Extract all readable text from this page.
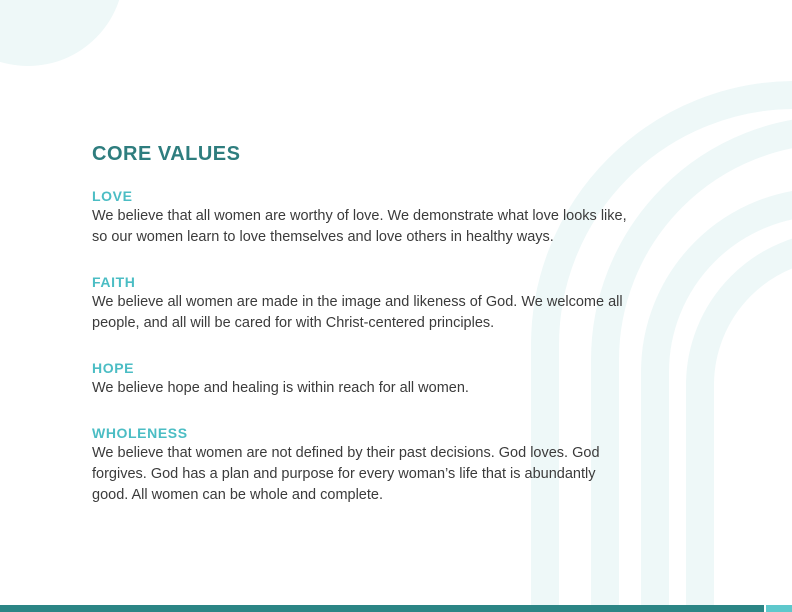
CORE VALUES
LOVE

We believe that all women are worthy of love. We demonstrate what love looks like,
so our women learn to love themselves and love others in healthy ways.

FAITH

We believe all women are made in the image and likeness of God. We welcome all
people, and all will be cared for with Christ-centered principles.

HOPE

We believe hope and healing is within reach for all women.

WHOLENESS

We believe that women are not defined by their past decisions. God loves. God
forgives. God has a plan and purpose for every woman’s life that is abundantly
good. All women can be whole and complete.
